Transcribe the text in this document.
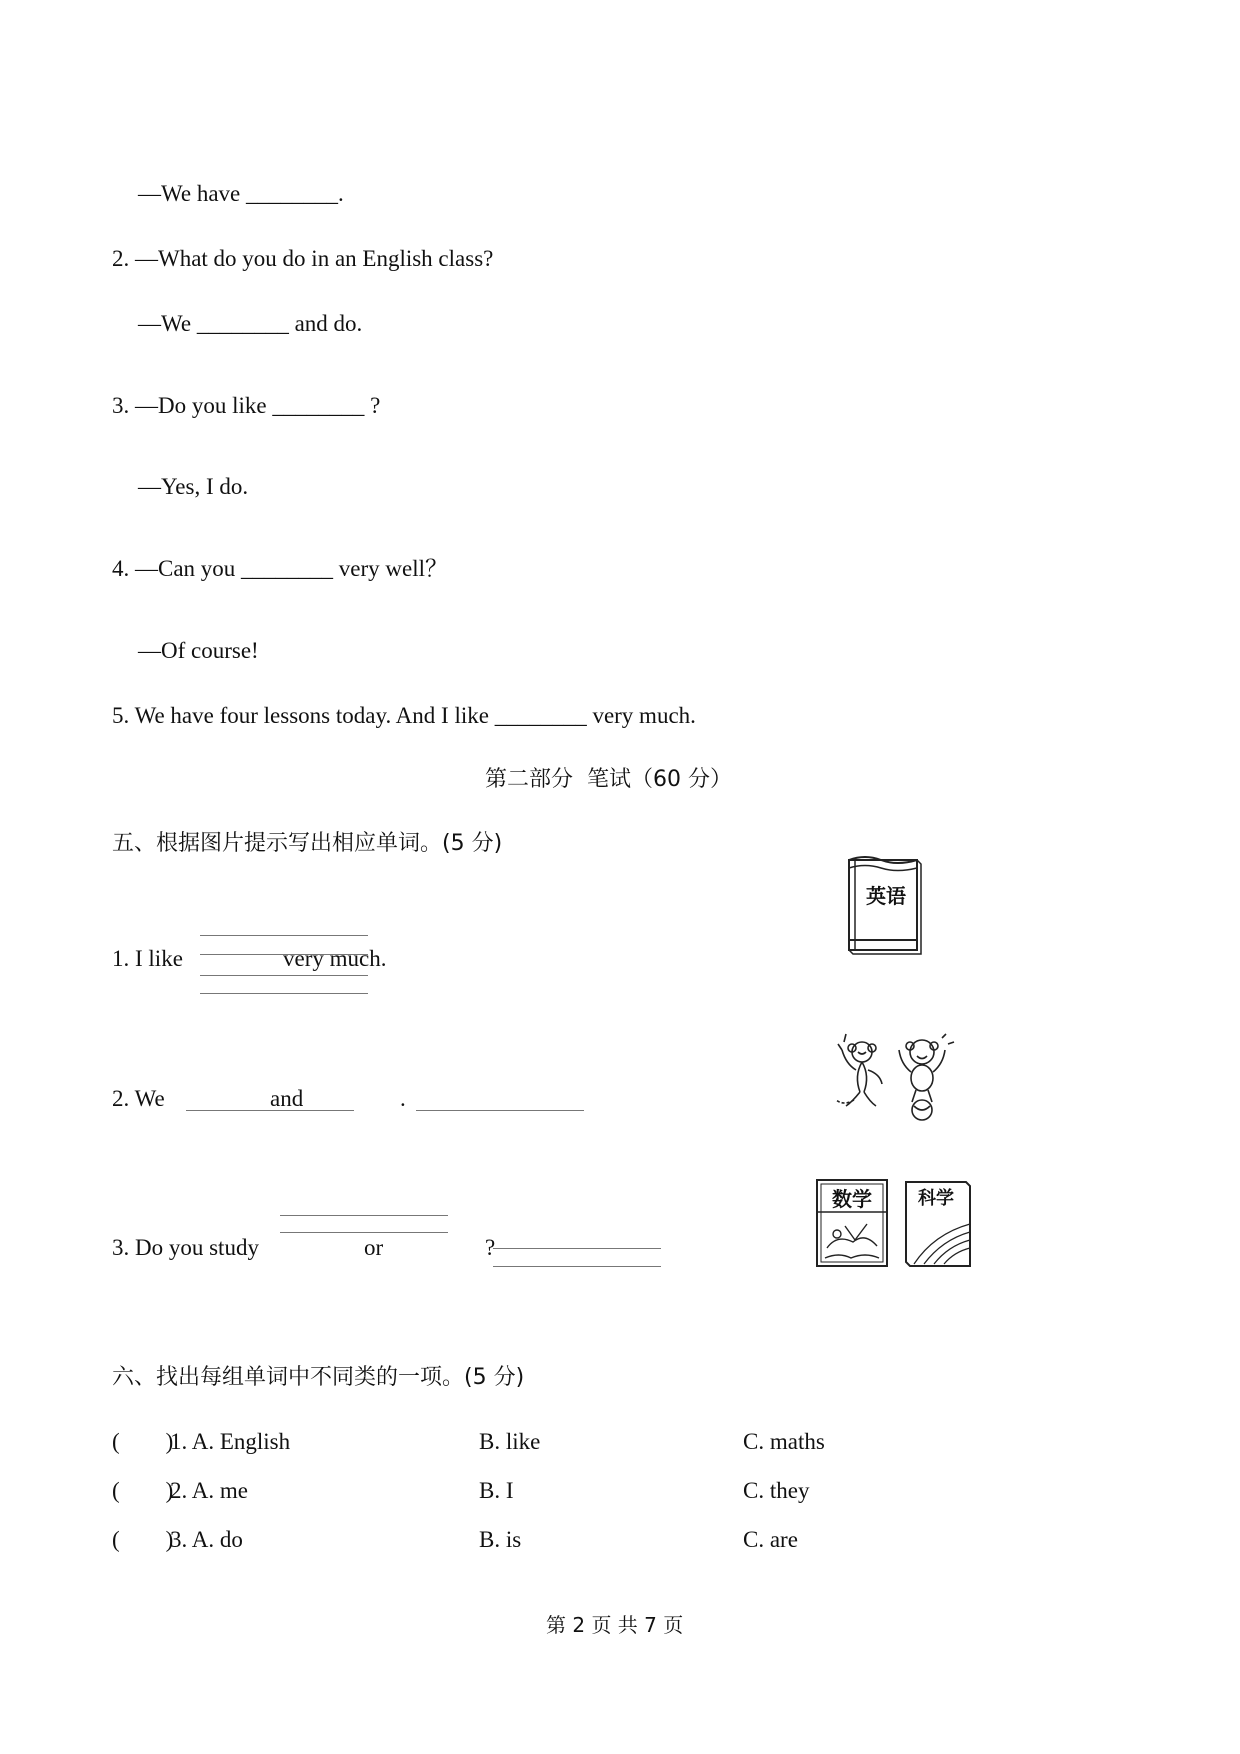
—We have ________.
2. —What do you do in an English class?
—We ________ and do.
3. —Do you like ________ ?
—Yes, I do.
4. —Can you ________ very well？
—Of course!
5. We have four lessons today. And I like ________ very much.
第二部分  笔试（60 分）
五、根据图片提示写出相应单词。(5 分)
1. I like	very much.
英语
2. We	and	.
3. Do you study	or	?
数学	科学
六、找出每组单词中不同类的一项。(5 分)
(        )
1. A. English	B. like	C. maths
(        )
2. A. me	B. I	C. they
(        )
3. A. do	B. is	C. are
第 2 页 共 7 页
